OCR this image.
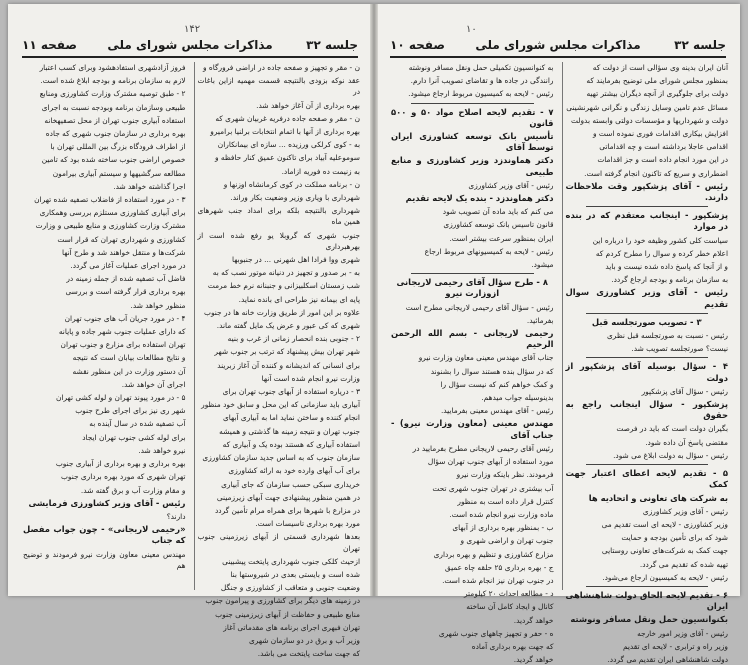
۱۴۲
جلسه ۳۲
مذاکرات مجلس شورای ملی
صفحه ۱۱

ن - مقر و تجهیز و صفحه جاده در اراضی فرورگاه و

عقد نوکه بزودی بالنتیجه قسمت مهمیه ازاین باغات در

بهره برداری از آن آغاز خواهد شد.

ن - مقر و صفحه جاده درفریه غربیان شهری که

بهره برداری از آنها با اتمام انتخابات برلنیا برامیرو

به - کوی کرلکی ورزیده ... سازه ای بیمانکاران

سوموعلیه آبیاد برای تاکنون عمیق کنار حافظه و

به زنیمت ده فوریه ازاماد.

ن - برنامه مملکت در کوی کرمانشاه اوزنها و

شهرداری با ویاری وزیر وضعیت بکار وراند.

شهرداری بالنتیجه بلکه برای امداد جنب شهرهای همین ماه

جنوب شهری که گروبلا یو رفع شده است از بهرهبرداری

شهری ووا فرادا اهل شهرنی ... در جنبوبها

به - بر صدور و تجهیز در دنیانه موتور نصب که به

شب زمستان اسکلبیزانی و جنبنانه نرم خط مرمت

پایه ای بیمانه نیز طراحی ای بانده نماید.

علاوه بر این امور از طریق وزارت خانه ها در جنوب

شهری که کی عبور و عرض یک مایل گفته ماند.

۲ - جنوبی بنده انحصار زمانی از غرب و بنیه

شهر تهران بیش پیشنهاد که ترتب بر جنوب شهر

برای انسانی که اندیشانه و کننده آن آغاز زبریند

وزارت نیرو انجام شده است آنها

۳ - دریاره استفاده از آبهای جنوب تهران برای

آبیاری باید سازمانی که این محل و سابق خود منظور

انجام کننده و ساختن نماید اما به آبیاری آبهای

جنوب تهران و نتیجه زمینه ها گذشتی و همیشه

استفاده آبیاری که هستند بوده یک و آبیاری که

سازمان جنوب که به اساس جدید سازمان کشاورزی

برای آب آبهای وارده خود به ارائه کشاورزی

خریداری سبکی حسب سازمان که جای آبیاری

در همین منظور پیشنهادی جهت آبهای زیرزمینی

در مزارع با شهرها برای همراه مرام تأمین گردد

مورد بهره برداری تاسیسات است.

بعدها شهرداری قسمتی از آبهای زیرزمینی جنوب تهران

ازحیث کلکی جنوب شهرداری پایتخت پیشبینی

شده است و بایستی بعدی در شیروستها بنا

وضعیت جنوبی و متعاقب از کشاورزی و جنگل

در زمینه های دیگر برای کشاورزی و پیرامون جنوب

منابع طبیعی و حفاظت از آبهای زیرزمینی جنوب

تهران فبهری اجرای برنامه های مقدماتی آغاز

وزیر آب و برق در دو سازمان شهری

که جهت ساخت پایتخت می باشد.

فروز آزادشهری استفادهشود وبرای کسب اعتبار

لازم به سازمان برنامه و بودجه ابلاغ شده است.

۲ - طبق توصیه مشترک وزارت کشاورزی ومنابع

طبیعی وسازمان برنامه وبودجه نسبت به اجرای

استفاده آبیاری جنوب تهران از محل تصفیهخانه

بهره برداری در سازمان جنوب شهری که جاده

از اطراف فرودگاه بزرگ بین المللی تهران با

خصوص اراضی جنوب ساخته شده بود که تامین

مطالعه سرگشیهها و سیستم آبیاری بیرامون

اجرا گذاشته خواهد شد.

۳ - در مورد استفاده از فاضلاب تصفیه شده تهران

برای آبیاری کشاورزی مستلزم بررسی وهمکاری

مشترک وزارت کشاورزی و منابع طبیعی و وزارت

کشاورزی و شهرداری تهران که قرار است

شرکت‌ها و منتقل خواهند شد و طرح آنها

در مورد اجرای عملیات آغاز می گردد.

فاضل آب تصفیه شده از جمله زمینه در

بهره برداری قرار گرفته است و بررسی

منظور خواهد شد.

۴ - در مورد جریان آب های جنوب تهران

که دارای عملیات جنوب شهر جاده و پایانه

تهران استفاده برای مزارع و جنوب تهران

و نتایج مطالعات بیابان است که نتیجه

آن دستور وزارت در این منظور نقشه

اجرای آن خواهد شد.

۵ - در مورد پیوند تهران و لوله کشی تهران

شهر ری نیز برای اجرای طرح جنوب

آب تصفیه شده در سال آینده به

برای لوله کشی جنوب تهران ایجاد

نیرو خواهد شد.

بهره برداری و بهره برداری از آبیاری جنوب

تهران شهری که مورد بهره برداری جنوب

و مقام وزارت آب و برق گفته شد.

رئیس - آقای وزیر کشاورزی فرمایشی

دارند؟

«رحیمی لاریجانی» - چون جواب مفصل که جناب

مهندس معینی معاون وزارت نیرو فرمودند و توضیح هم

۱۰
جلسه ۳۲
مذاکرات مجلس شورای ملی
صفحه ۱۰

آنان ایران بدینه وی سؤالی است از دولت که

بمنظور مجلس شورای ملی توضیح بفرمایند که

دولت برای جلوگیری از آنچه دیگران بیشتر تهیه

مسائل عدم تامین وسایل زندگی و نگرانی شهرنشینی

دولت و شهرداریها و مؤسسات دولتی وابسته بدولت

افزایش بیکاری اقدامات فوری نموده است و

اقدامی عاجلا برداشته است و چه اقداماتی

در این مورد انجام داده است و جز اقدامات

اضطراری و سریع که تاکنون انجام گرفته است.

رئیس - آقای پزشکپور وقت ملاحظات دارند.

پزشکپور - اینجانب معتقدم که در بنده در موارد

سیاست کلی کشور وظیفه خود را درباره این

اعلام خطر کرده و سوال را مطرح کردم که

و از آنجا که پاسخ داده شده نیست و باید

به سازمان برنامه و بودجه ارجاع گردد.

رئیس - آقای وزیر کشاورزی سوال تقدیم

۳ - تصویب صورتجلسه قبل

رئیس - نسبت به صورتجلسه قبل نظری

نیست؟ صورتجلسه تصویب شد.

۴ - سؤال بوسیله آقای پزشکپور از دولت

رئیس - سؤال آقای پزشکپور

پزشکپور - سؤال اینجانب راجع به حقوق

بگیران دولت است که باید در فرصت

مقتضی پاسخ آن داده شود.

رئیس - سؤال به دولت ابلاغ می شود.

۵ - تقدیم لایحه اعطای اعتبار جهت کمک

به شرکت های تعاونی و اتحادیه ها

رئیس - آقای وزیر کشاورزی

وزیر کشاورزی - لایحه ای است تقدیم می

شود که برای تأمین بودجه و حمایت

جهت کمک به شرکت‌های تعاونی روستایی

تهیه شده که تقدیم می گردد.

رئیس - لایحه به کمیسیون ارجاع می‌شود.

۶ - تقدیم لایحه الحاق دولت شاهنشاهی ایران

بکنوانسیون حمل ونقل مسافر ونوشته

رئیس - آقای وزیر امور خارجه

وزیر راه و ترابری - لایحه ای تقدیم

دولت شاهنشاهی ایران تقدیم می گردد.

به کنوانسیون تکمیلی حمل ونقل مسافر ونوشته

رانندگی در جاده ها و تقاضای تصویب آنرا دارم.

رئیس - لایحه به کمیسیون مربوط ارجاع میشود.

۷ - تقدیم لایحه اصلاح مواد ۵۰ و ۵۰۰ قانون

تأسیس بانک توسعه کشاورزی ایران توسط آقای

دکتر هماوندزد وزیر کشاورزی و منابع طبیعی

رئیس - آقای وزیر کشاورزی

دکتر هماوندزد - بنده یک لایحه تقدیم

می کنم که باید ماده آن تصویب شود

قانون تاسیس بانک توسعه کشاورزی

ایران بمنظور سرعت بیشتر است.

رئیس - لایحه به کمیسیونهای مربوط ارجاع

میشود.

۸ - طرح سؤال آقای رحیمی لاریجانی ازوزارت نیرو

رئیس - سؤال آقای رحیمی لاریجانی مطرح است

بفرمائید.

رحیمی لاریجانی - بسم الله الرحمن الرحیم

جناب آقای مهندس معینی معاون وزارت نیرو

که در سؤال بنده هستند سوال را بشنوند

و کمک خواهم کنم که نیست سؤال را

بدینوسیله جواب میدهم.

رئیس - آقای مهندس معینی بفرمایید.

مهندس معینی (معاون وزارت نیرو) - جناب آقای

رئیس آقای رحیمی لاریجانی مطرح بفرمایید در

مورد استفاده از آبهای جنوب تهران سؤال

فرمودند. نظر باینکه وزارت نیرو

آب بیشتری در تهران جنوب شهری تحت

کنترل قرار داده است به منظور

ماده وزارت نیرو انجام شده است.

ب - بمنظور بهره برداری از آبهای

جنوب تهران و اراضی شهری و

مزارع کشاورزی و تنظیم و بهره برداری

ج - بهره برداری ۲۵ حلقه چاه عمیق

در جنوب تهران نیز انجام شده است.

د - مطالعه احداث ۲۰ کیلومتر

کانال و ایجاد کامل آن ساخته

خواهد گردید.

ه - حفر و تجهیز چاههای جنوب شهری

که جهت بهره برداری آماده

خواهد گردید.
